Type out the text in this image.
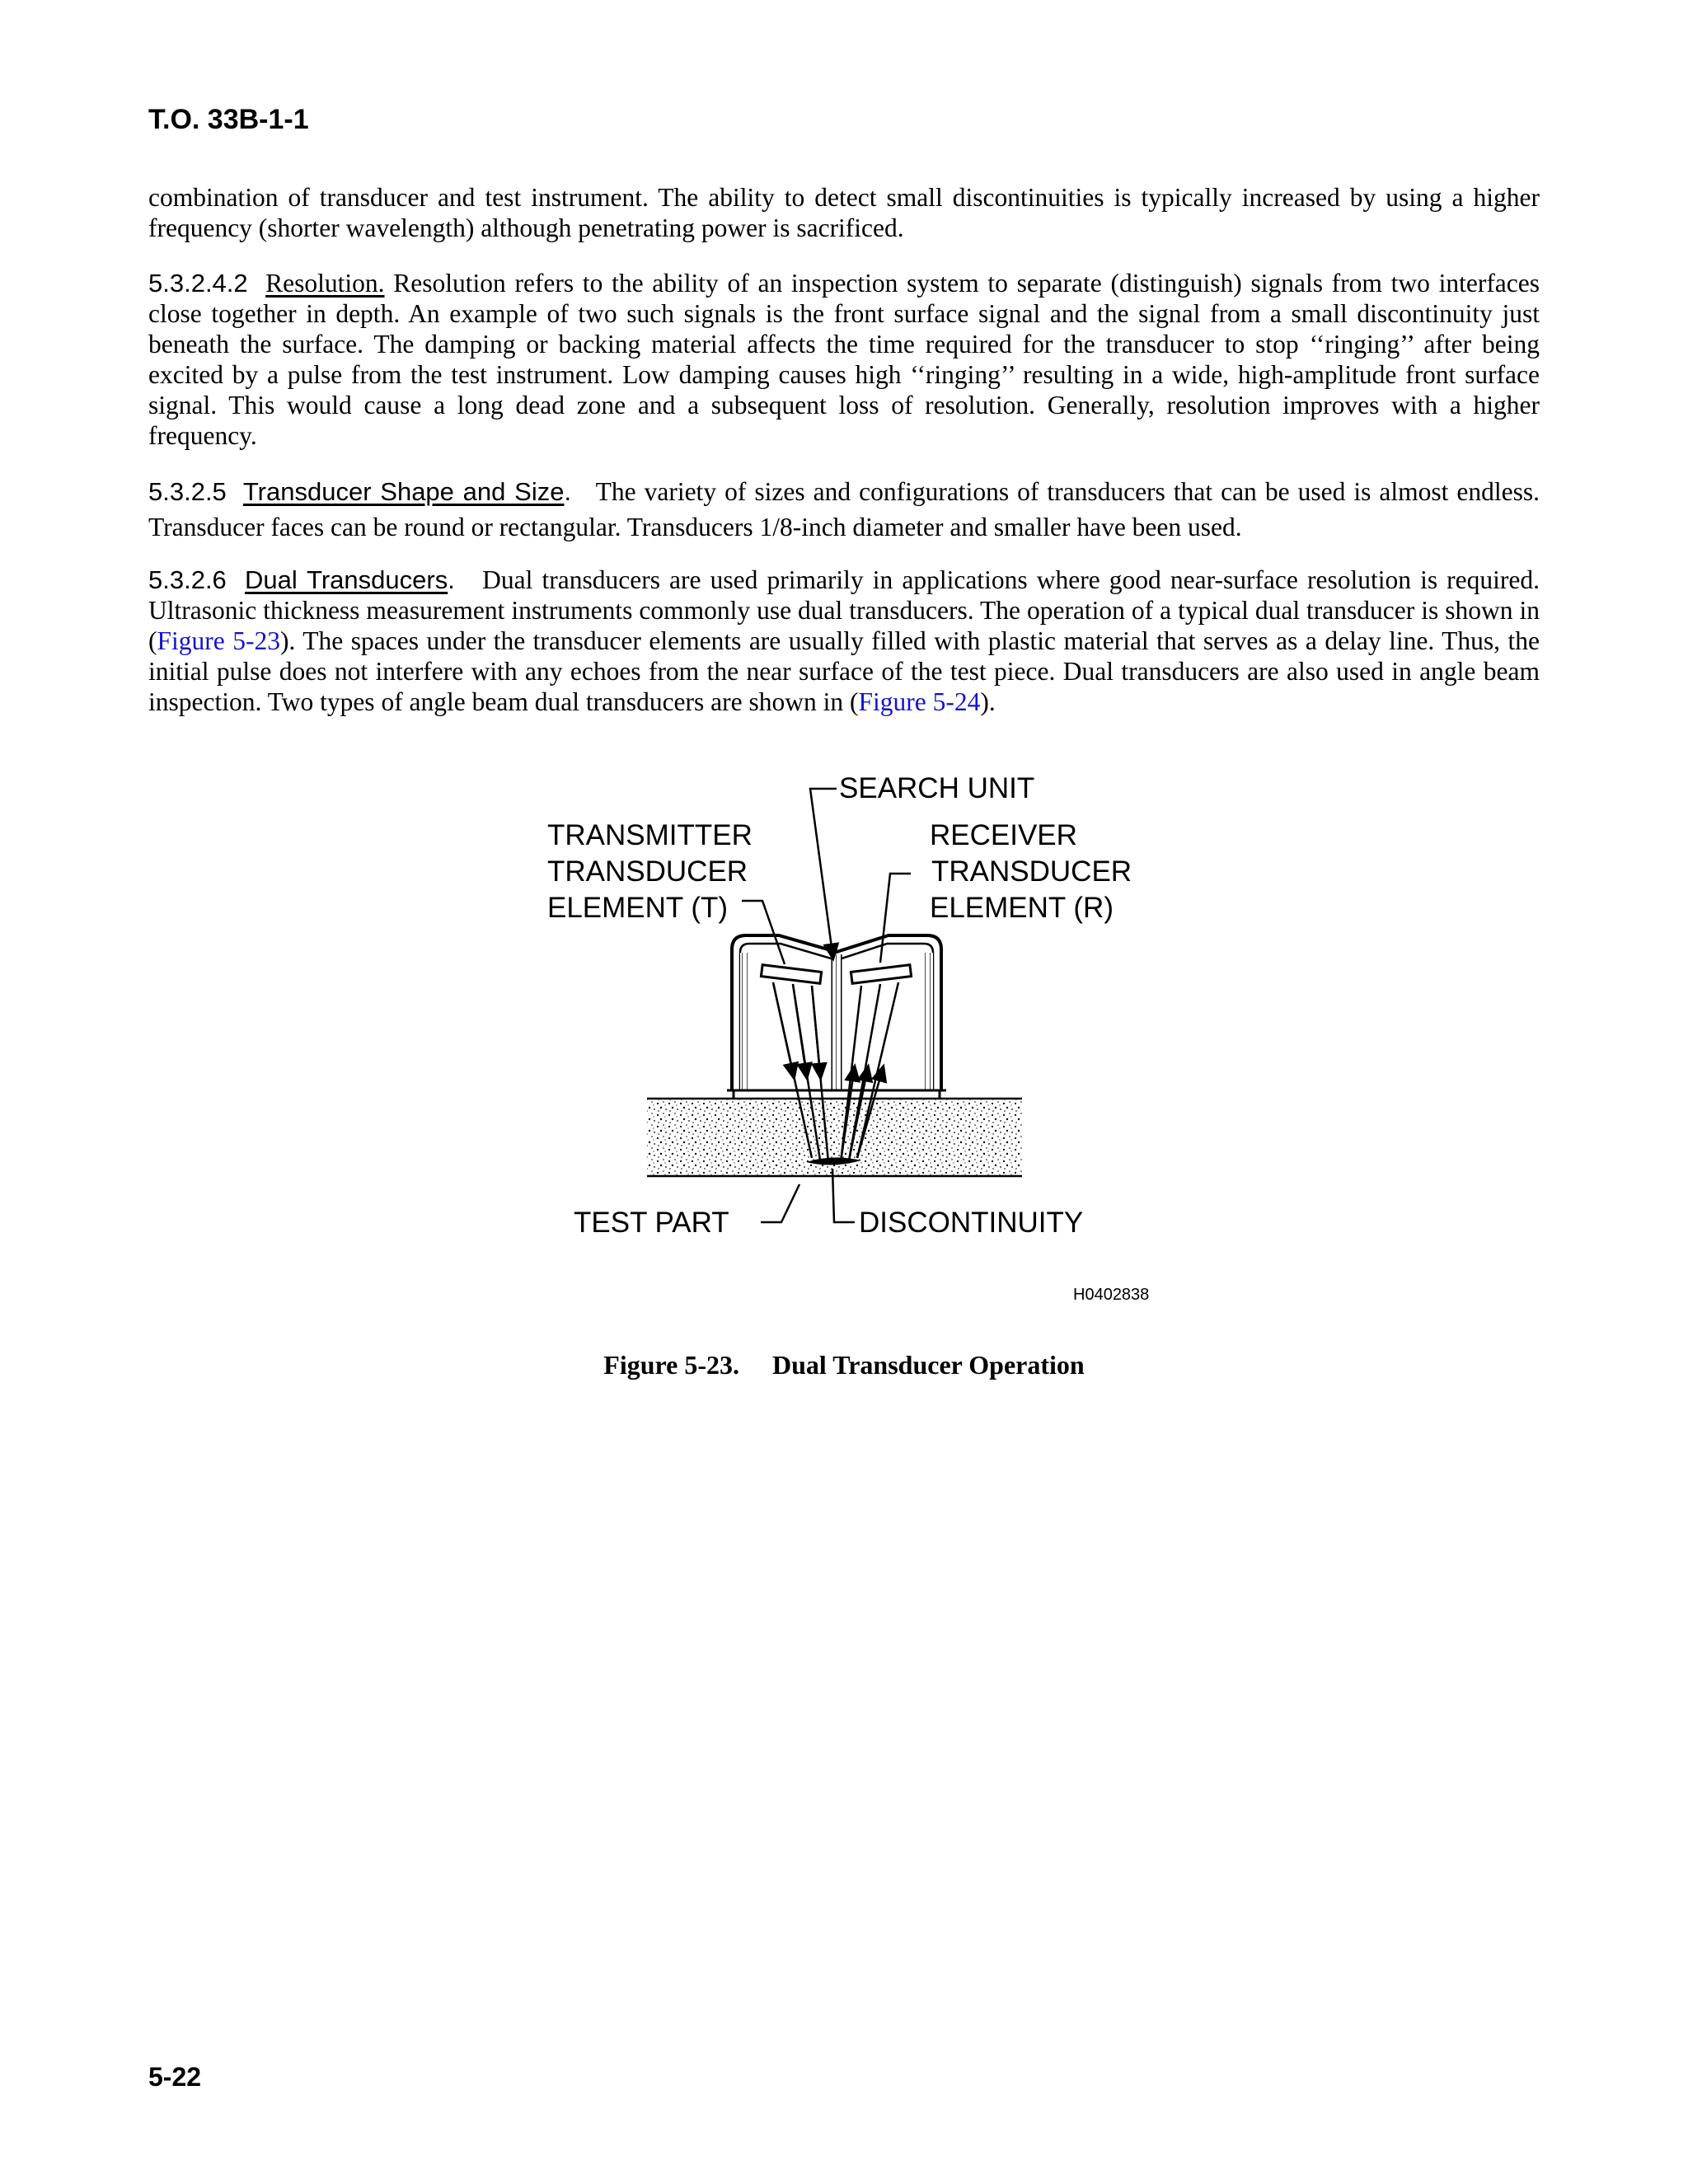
T.O. 33B-1-1

combination of transducer and test instrument. The ability to detect small discontinuities is typically increased by using a higher frequency (shorter wavelength) although penetrating power is sacrificed.

5.3.2.4.2 Resolution. Resolution refers to the ability of an inspection system to separate (distinguish) signals from two interfaces close together in depth. An example of two such signals is the front surface signal and the signal from a small discontinuity just beneath the surface. The damping or backing material affects the time required for the transducer to stop ‘‘ringing’’ after being excited by a pulse from the test instrument. Low damping causes high ‘‘ringing’’ resulting in a wide, high-amplitude front surface signal. This would cause a long dead zone and a subsequent loss of resolution. Generally, resolution improves with a higher frequency.

5.3.2.5 Transducer Shape and Size. The variety of sizes and configurations of transducers that can be used is almost endless. Transducer faces can be round or rectangular. Transducers 1/8-inch diameter and smaller have been used.

5.3.2.6 Dual Transducers. Dual transducers are used primarily in applications where good near-surface resolution is required. Ultrasonic thickness measurement instruments commonly use dual transducers. The operation of a typical dual transducer is shown in (Figure 5-23). The spaces under the transducer elements are usually filled with plastic material that serves as a delay line. Thus, the initial pulse does not interfere with any echoes from the near surface of the test piece. Dual transducers are also used in angle beam inspection. Two types of angle beam dual transducers are shown in (Figure 5-24).

SEARCH UNIT
TRANSMITTER
TRANSDUCER
ELEMENT (T)
RECEIVER
TRANSDUCER
ELEMENT (R)
TEST PART	DISCONTINUITY
H0402838
Figure 5-23. Dual Transducer Operation
5-22
